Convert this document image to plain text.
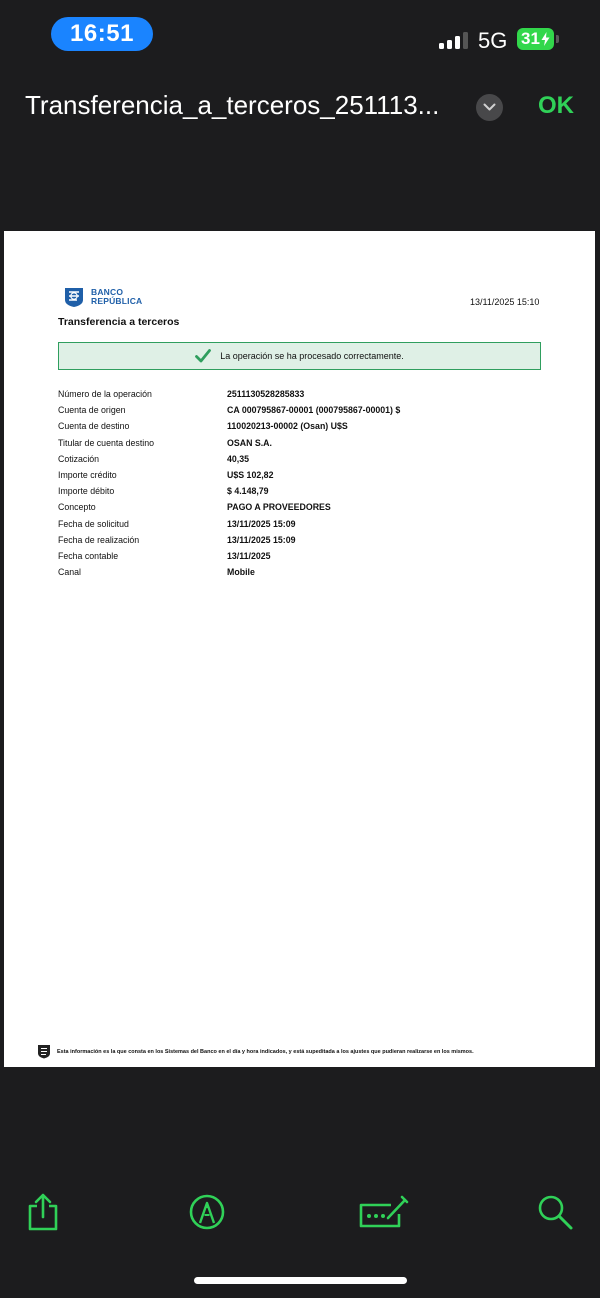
16:51	5G 31
Transferencia_a_terceros_251113...	OK
BANCO
REPÚBLICA	13/11/2025 15:10
Transferencia a terceros
La operación se ha procesado correctamente.
Número de la operación	2511130528285833
Cuenta de origen	CA 000795867-00001 (000795867-00001) $
Cuenta de destino	110020213-00002 (Osan) U$S
Titular de cuenta destino	OSAN S.A.
Cotización	40,35
Importe crédito	U$S 102,82
Importe débito	$ 4.148,79
Concepto	PAGO A PROVEEDORES
Fecha de solicitud	13/11/2025 15:09
Fecha de realización	13/11/2025 15:09
Fecha contable	13/11/2025
Canal	Mobile
Esta información es la que consta en los Sistemas del Banco en el día y hora indicados, y está supeditada a los ajustes que pudieran realizarse en los mismos.
